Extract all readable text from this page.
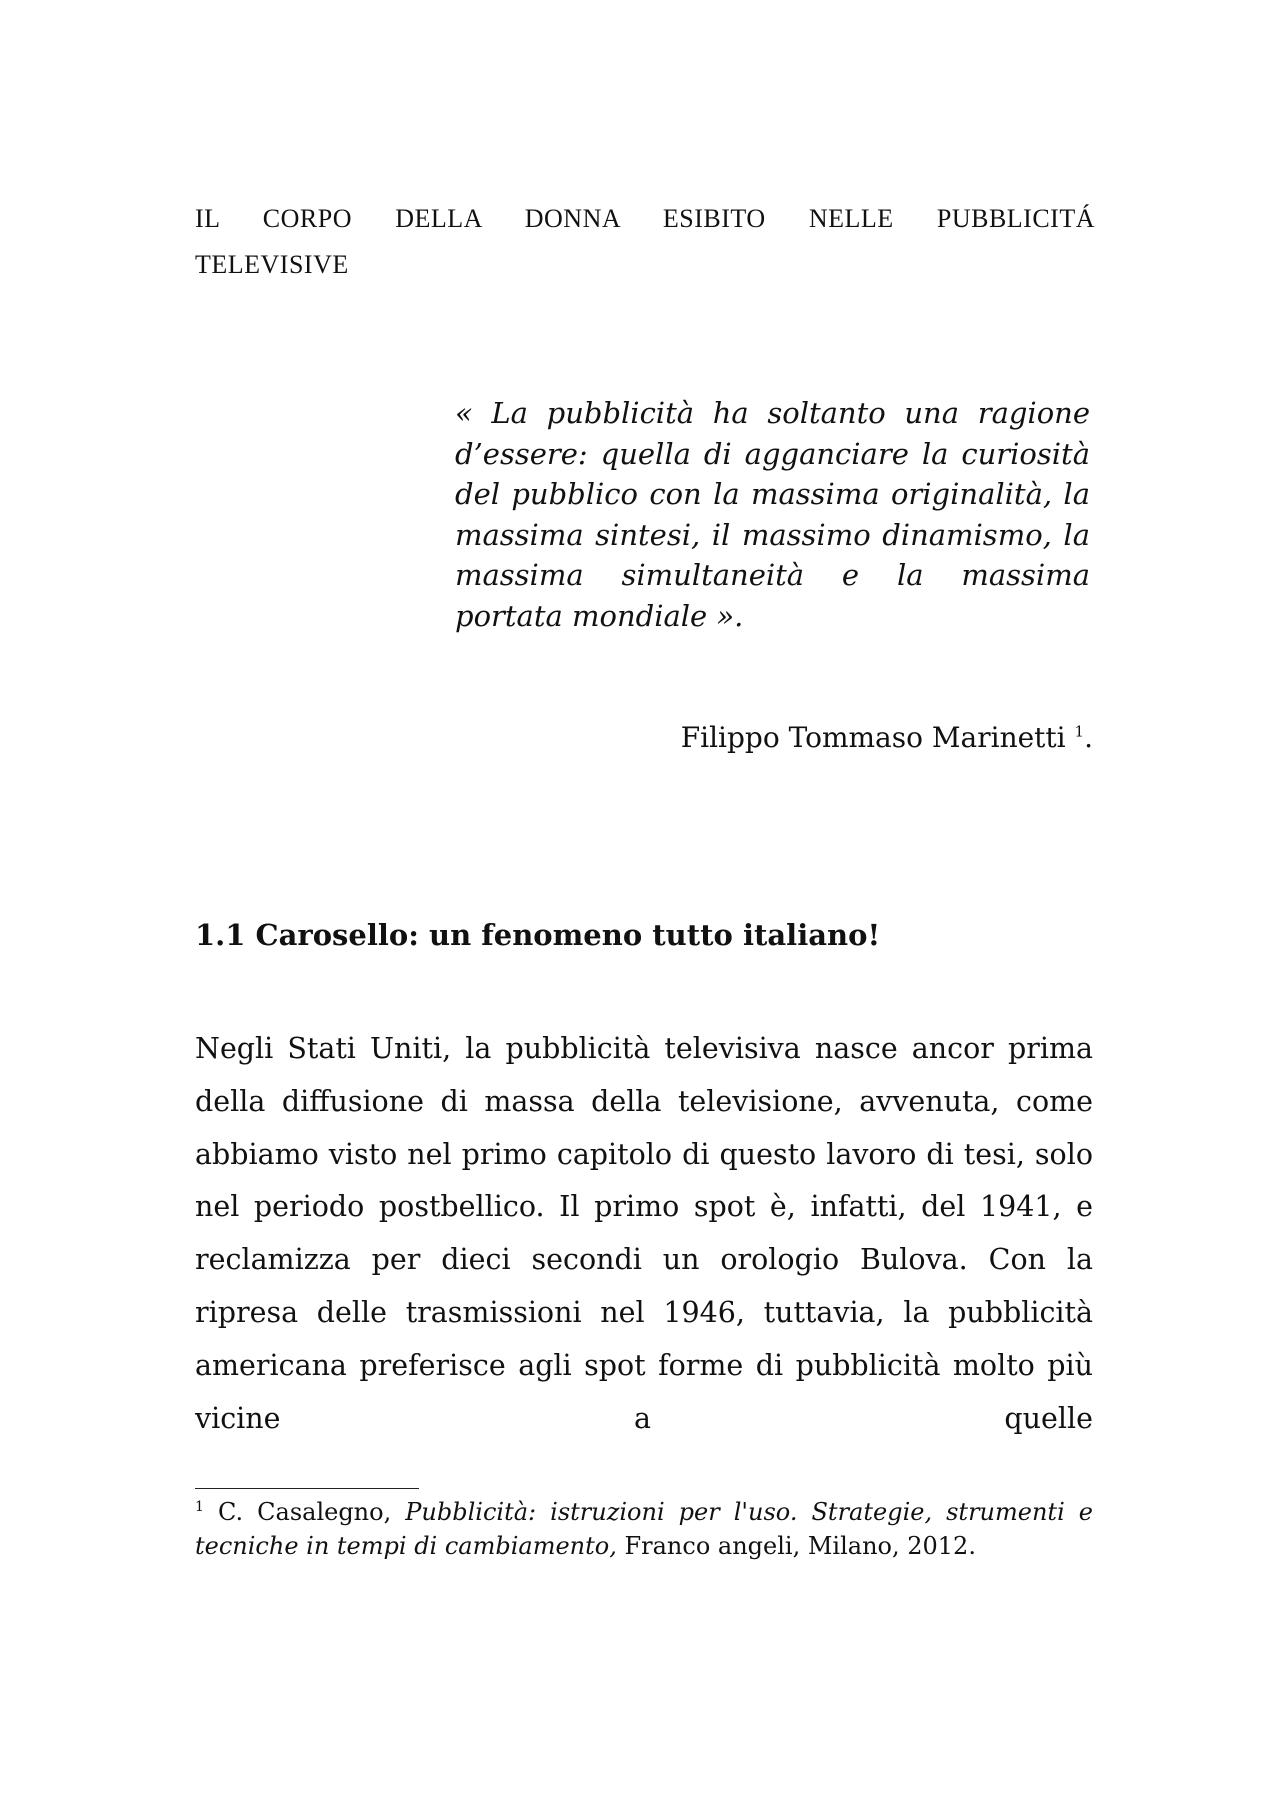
IL CORPO DELLA DONNA ESIBITO NELLE PUBBLICITÁ TELEVISIVE
« La pubblicità ha soltanto una ragione d’essere: quella di agganciare la curiosità del pubblico con la massima originalità, la massima sintesi, il massimo dinamismo, la massima simultaneità e la massima portata mondiale ».
Filippo Tommaso Marinetti $^1$.
1.1 Carosello: un fenomeno tutto italiano!

Negli Stati Uniti, la pubblicità televisiva nasce ancor prima della diffusione di massa della televisione, avvenuta, come abbiamo visto nel primo capitolo di questo lavoro di tesi, solo nel periodo postbellico. Il primo spot è, infatti, del 1941, e reclamizza per dieci secondi un orologio Bulova. Con la ripresa delle trasmissioni nel 1946, tuttavia, la pubblicità americana preferisce agli spot forme di pubblicità molto più vicine a quelle

$^1$ C. Casalegno, Pubblicità: istruzioni per l'uso. Strategie, strumenti e tecniche in tempi di cambiamento, Franco angeli, Milano, 2012.
